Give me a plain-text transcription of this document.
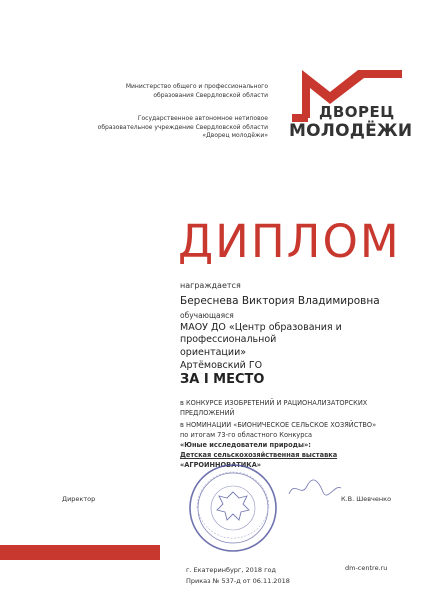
Министерство общего и профессионального
образования Свердловской области
Государственное автономное нетиповое
образовательное учреждение Свердловской области
«Дворец молодёжи»
ДВОРЕЦ
МОЛОДЁЖИ
ДИПЛОМ
награждается
Береснева Виктория Владимировна
обучающаяся
МАОУ ДО «Центр образования и профессиональной
ориентации»
Артёмовский ГО
ЗА I МЕСТО
в КОНКУРСЕ ИЗОБРЕТЕНИЙ И РАЦИОНАЛИЗАТОРСКИХ
ПРЕДЛОЖЕНИЙ
в НОМИНАЦИИ «БИОНИЧЕСКОЕ СЕЛЬСКОЕ ХОЗЯЙСТВО»
по итогам 73-го областного Конкурса
«Юные исследователи природы»:
Детская сельскохозяйственная выставка
«АГРОИННОВАТИКА»
Директор	К.В. Шевченко
г. Екатеринбург, 2018 год
Приказ № 537-д от 06.11.2018
dm-centre.ru
